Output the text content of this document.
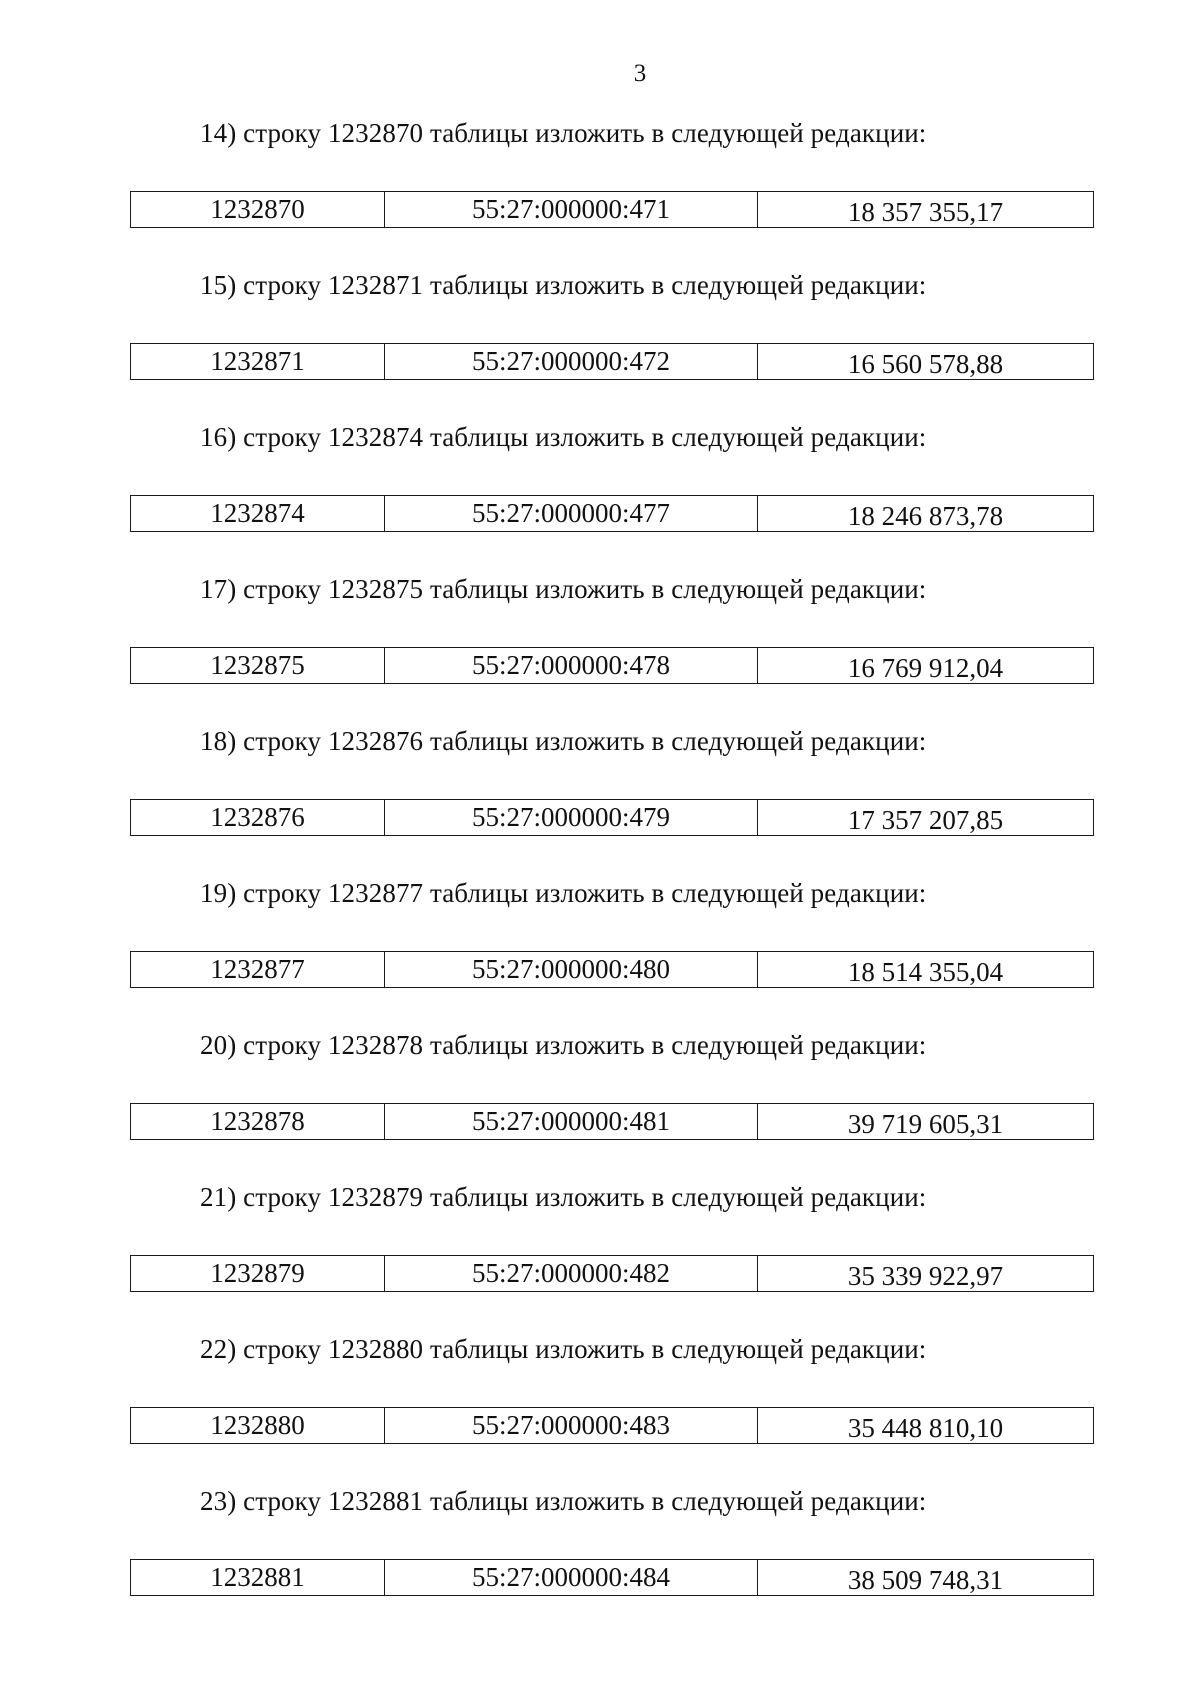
3
14) строку 1232870 таблицы изложить в следующей редакции:
1232870	55:27:000000:471	18 357 355,17
15) строку 1232871 таблицы изложить в следующей редакции:
1232871	55:27:000000:472	16 560 578,88
16) строку 1232874 таблицы изложить в следующей редакции:
1232874	55:27:000000:477	18 246 873,78
17) строку 1232875 таблицы изложить в следующей редакции:
1232875	55:27:000000:478	16 769 912,04
18) строку 1232876 таблицы изложить в следующей редакции:
1232876	55:27:000000:479	17 357 207,85
19) строку 1232877 таблицы изложить в следующей редакции:
1232877	55:27:000000:480	18 514 355,04
20) строку 1232878 таблицы изложить в следующей редакции:
1232878	55:27:000000:481	39 719 605,31
21) строку 1232879 таблицы изложить в следующей редакции:
1232879	55:27:000000:482	35 339 922,97
22) строку 1232880 таблицы изложить в следующей редакции:
1232880	55:27:000000:483	35 448 810,10
23) строку 1232881 таблицы изложить в следующей редакции:
1232881	55:27:000000:484	38 509 748,31
